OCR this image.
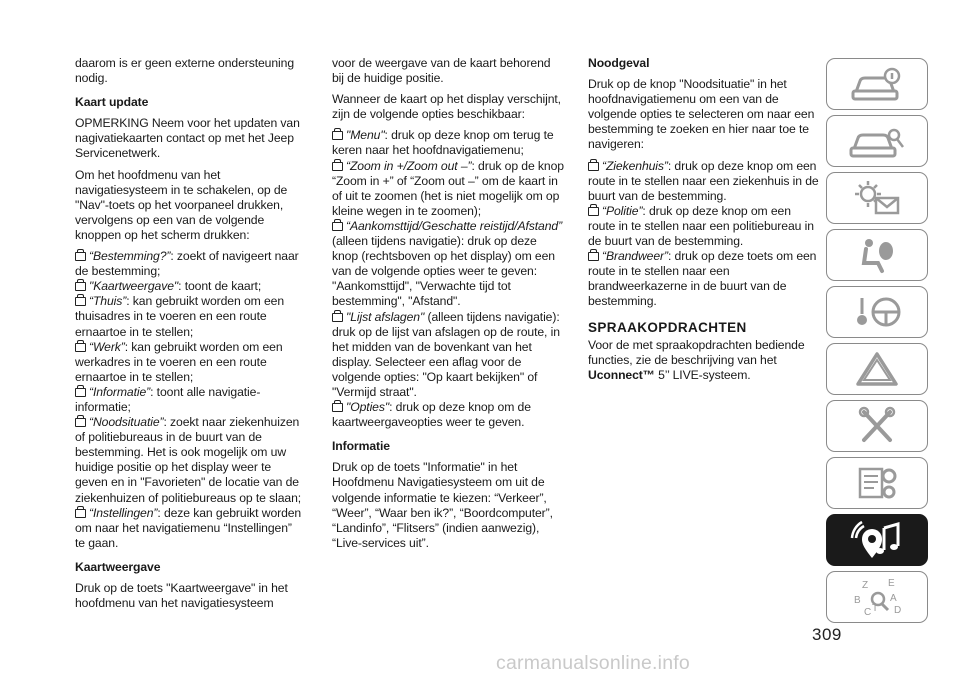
daarom is er geen externe ondersteuning nodig.

Kaart update

OPMERKING Neem voor het updaten van nagivatiekaarten contact op met het Jeep Servicenetwerk.

Om het hoofdmenu van het navigatiesysteem in te schakelen, op de "Nav"-toets op het voorpaneel drukken, vervolgens op een van de volgende knoppen op het scherm drukken:

“Bestemming?”: zoekt of navigeert naar de bestemming;
"Kaartweergave": toont de kaart;
“Thuis”: kan gebruikt worden om een thuisadres in te voeren en een route ernaartoe in te stellen;
“Werk”: kan gebruikt worden om een werkadres in te voeren en een route ernaartoe in te stellen;
“Informatie”: toont alle navigatie-informatie;
“Noodsituatie”: zoekt naar ziekenhuizen of politiebureaus in de buurt van de bestemming. Het is ook mogelijk om uw huidige positie op het display weer te geven en in "Favorieten" de locatie van de ziekenhuizen of politiebureaus op te slaan;
“Instellingen”: deze kan gebruikt worden om naar het navigatiemenu “Instellingen” te gaan.
Kaartweergave

Druk op de toets "Kaartweergave" in het hoofdmenu van het navigatiesysteem

voor de weergave van de kaart behorend bij de huidige positie.

Wanneer de kaart op het display verschijnt, zijn de volgende opties beschikbaar:

"Menu": druk op deze knop om terug te keren naar het hoofdnavigatiemenu;
“Zoom in +/Zoom out –”: druk op de knop “Zoom in +” of “Zoom out –” om de kaart in of uit te zoomen (het is niet mogelijk om op kleine wegen in te zoomen);
“Aankomsttijd/Geschatte reistijd/Afstand” (alleen tijdens navigatie): druk op deze knop (rechtsboven op het display) om een van de volgende opties weer te geven: "Aankomsttijd", "Verwachte tijd tot bestemming", "Afstand".
"Lijst afslagen" (alleen tijdens navigatie): druk op de lijst van afslagen op de route, in het midden van de bovenkant van het display. Selecteer een aflag voor de volgende opties: "Op kaart bekijken" of "Vermijd straat".
"Opties": druk op deze knop om de kaartweergaveopties weer te geven.
Informatie

Druk op de toets "Informatie" in het Hoofdmenu Navigatiesysteem om uit de volgende informatie te kiezen: “Verkeer”, “Weer”, “Waar ben ik?”, “Boordcomputer”, “Landinfo”, “Flitsers” (indien aanwezig), “Live-services uit”.

Noodgeval

Druk op de knop "Noodsituatie" in het hoofdnavigatiemenu om een van de volgende opties te selecteren om naar een bestemming te zoeken en hier naar toe te navigeren:

“Ziekenhuis”: druk op deze knop om een route in te stellen naar een ziekenhuis in de buurt van de bestemming.
“Politie”: druk op deze knop om een route in te stellen naar een politiebureau in de buurt van de bestemming.
“Brandweer”: druk op deze toets om een route in te stellen naar een brandweerkazerne in de buurt van de bestemming.
SPRAAKOPDRACHTEN

Voor de met spraakopdrachten bediende functies, zie de beschrijving van het Uconnect™ 5’’ LIVE-systeem.

Z E
B	A
C T D
309
carmanualsonline.info
